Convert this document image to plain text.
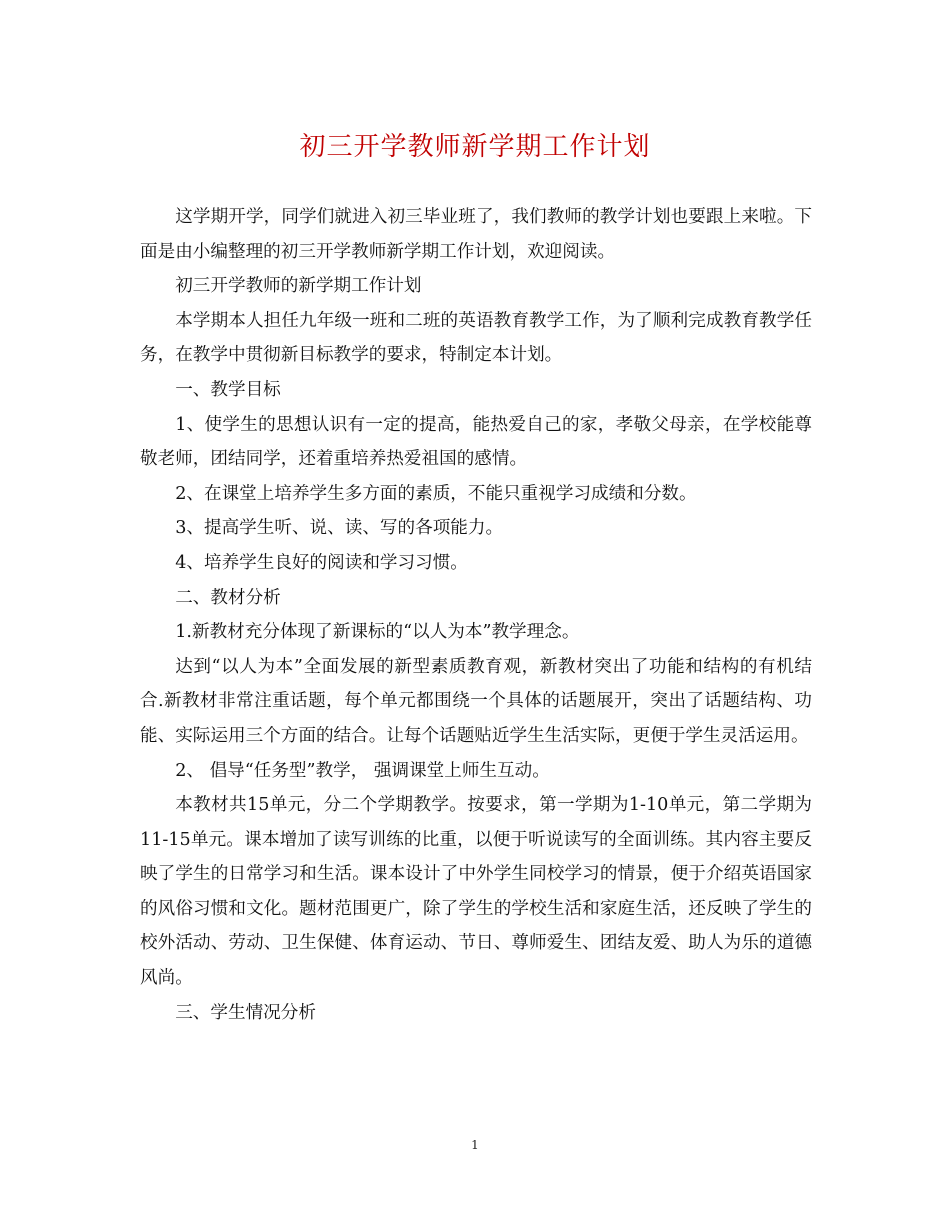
初三开学教师新学期工作计划

这学期开学，同学们就进入初三毕业班了，我们教师的教学计划也要跟上来啦。下面是由小编整理的初三开学教师新学期工作计划，欢迎阅读。

初三开学教师的新学期工作计划

本学期本人担任九年级一班和二班的英语教育教学工作，为了顺利完成教育教学任务，在教学中贯彻新目标教学的要求，特制定本计划。

一、教学目标

1、使学生的思想认识有一定的提高，能热爱自己的家，孝敬父母亲，在学校能尊敬老师，团结同学，还着重培养热爱祖国的感情。

2、在课堂上培养学生多方面的素质，不能只重视学习成绩和分数。

3、提高学生听、说、读、写的各项能力。

4、培养学生良好的阅读和学习习惯。

二、教材分析

1.新教材充分体现了新课标的“以人为本”教学理念。

达到“以人为本”全面发展的新型素质教育观，新教材突出了功能和结构的有机结合.新教材非常注重话题，每个单元都围绕一个具体的话题展开，突出了话题结构、功能、实际运用三个方面的结合。让每个话题贴近学生生活实际，更便于学生灵活运用。

2、 倡导“任务型”教学， 强调课堂上师生互动。

本教材共15单元，分二个学期教学。按要求，第一学期为1-10单元，第二学期为11-15单元。课本增加了读写训练的比重，以便于听说读写的全面训练。其内容主要反映了学生的日常学习和生活。课本设计了中外学生同校学习的情景，便于介绍英语国家的风俗习惯和文化。题材范围更广，除了学生的学校生活和家庭生活，还反映了学生的校外活动、劳动、卫生保健、体育运动、节日、尊师爱生、团结友爱、助人为乐的道德风尚。

三、学生情况分析

1
